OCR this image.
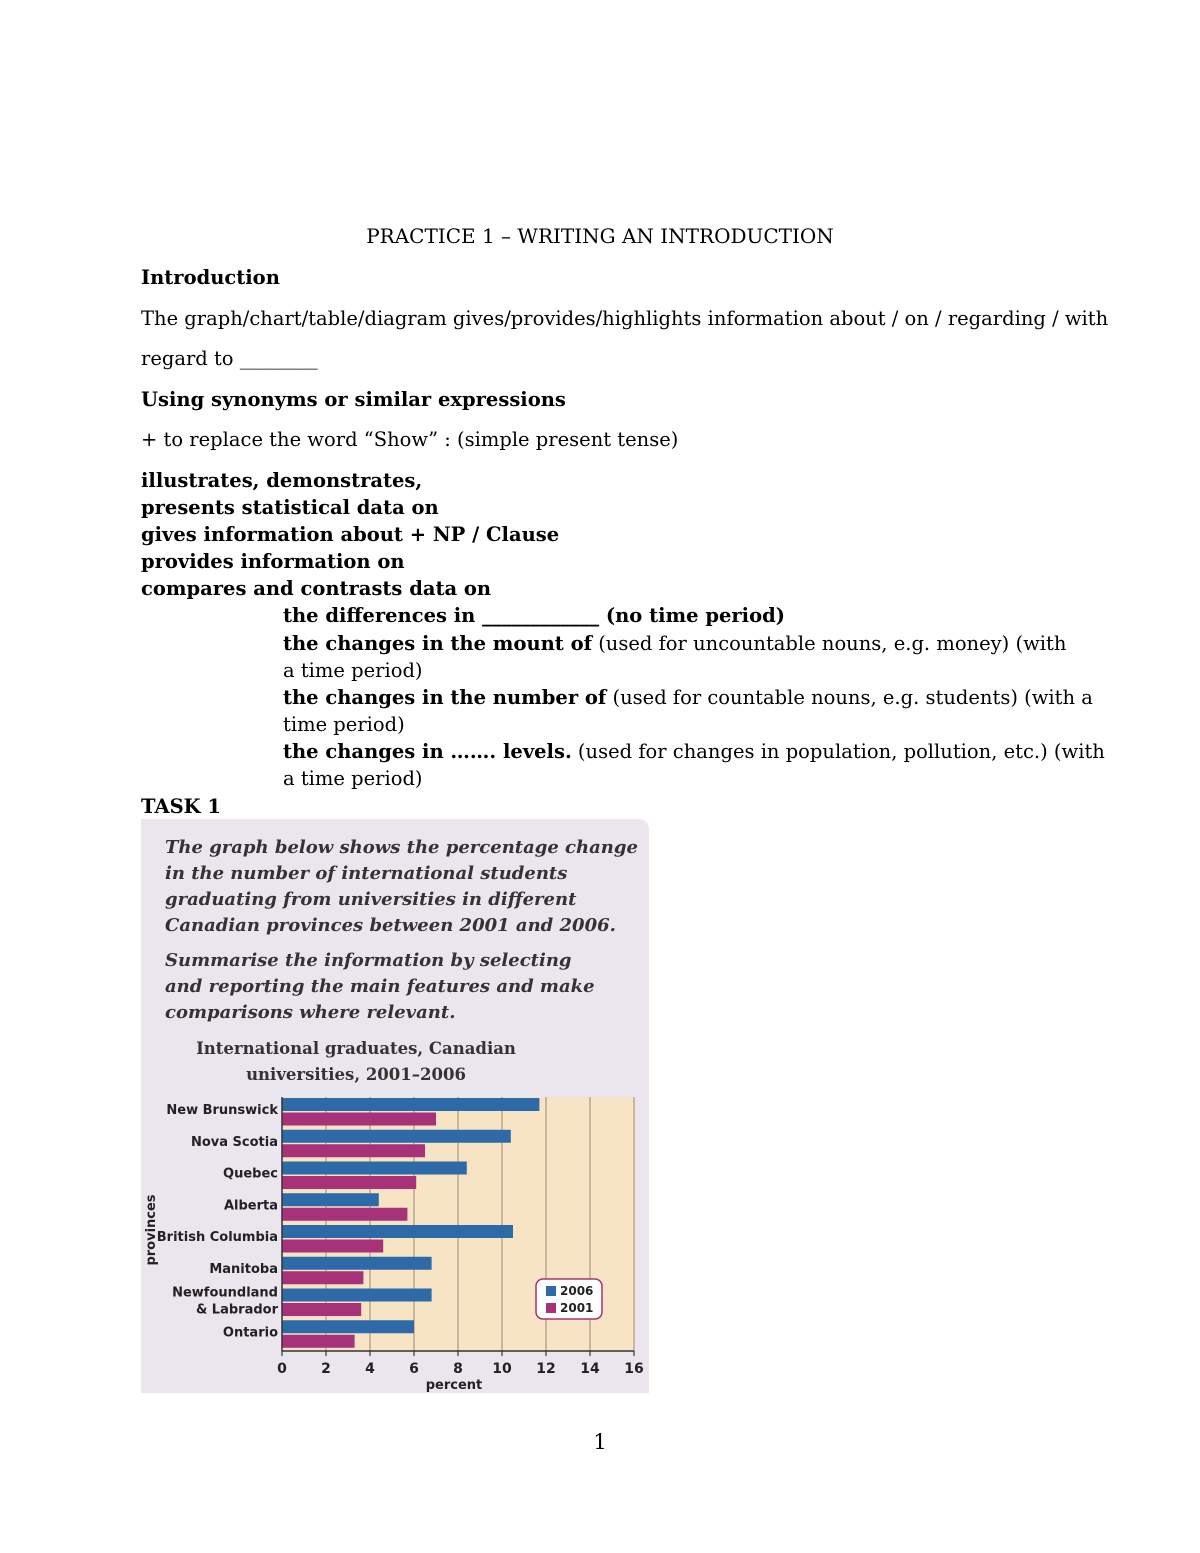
PRACTICE 1 – WRITING AN INTRODUCTION
Introduction
The graph/chart/table/diagram gives/provides/highlights information about / on / regarding / with
regard to ________
Using synonyms or similar expressions
+ to replace the word “Show” : (simple present tense)
illustrates, demonstrates,
presents statistical data on
gives information about + NP / Clause
provides information on
compares and contrasts data on
the differences in ____________ (no time period)
the changes in the mount of (used for uncountable nouns, e.g. money) (with
a time period)
the changes in the number of (used for countable nouns, e.g. students) (with a
time period)
the changes in ……. levels. (used for changes in population, pollution, etc.) (with
a time period)
TASK 1
The graph below shows the percentage change
in the number of international students
graduating from universities in different
Canadian provinces between 2001 and 2006.
Summarise the information by selecting
and reporting the main features and make
comparisons where relevant.
International graduates, Canadian
universities, 2001–2006
New Brunswick
Nova Scotia
Quebec
Alberta
British Columbia
Manitoba
Newfoundland
& Labrador
Ontario
0 2 4 6 8 10 12 14 16
percent
provinces
2006
2001
1
